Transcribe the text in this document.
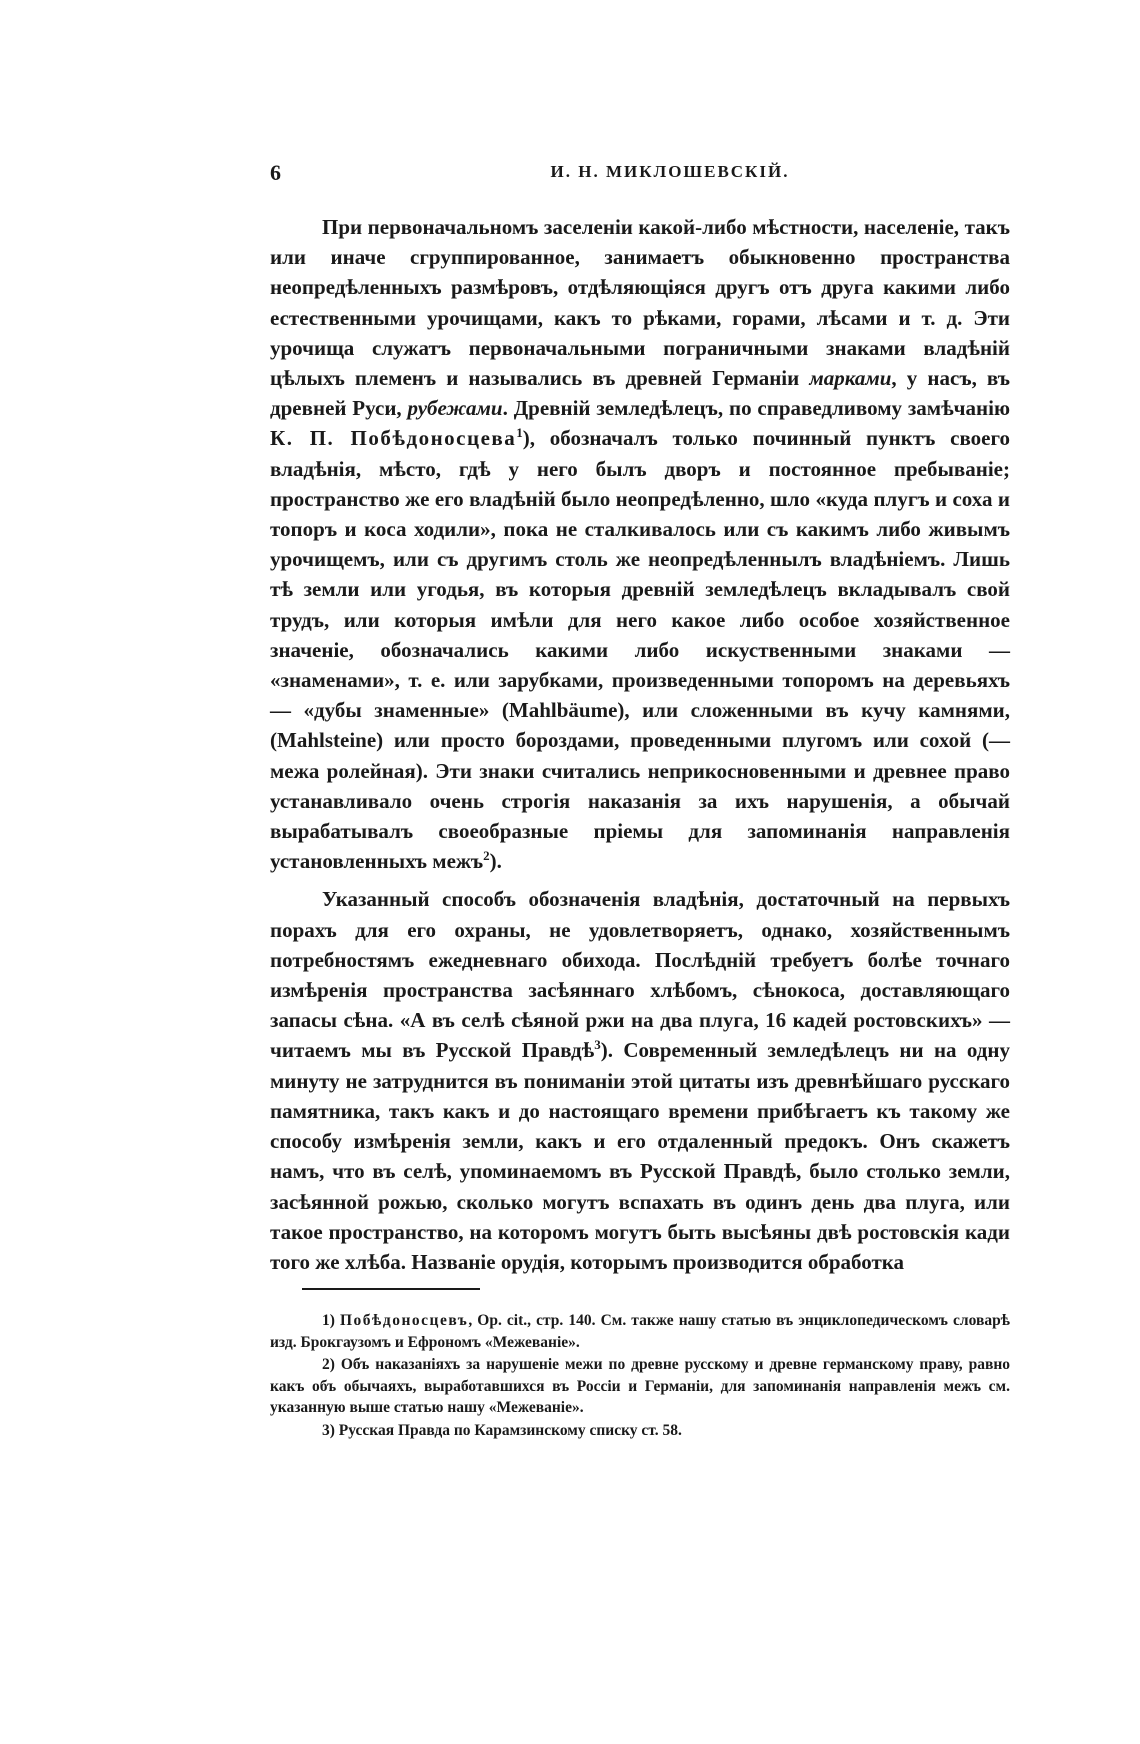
6	И. Н. МИКЛОШЕВСКІЙ.

При первоначальномъ заселеніи какой-либо мѣстности, населеніе, такъ или иначе сгруппированное, занимаетъ обыкновенно пространства неопредѣленныхъ размѣровъ, отдѣляющіяся другъ отъ друга какими либо естественными урочищами, какъ то рѣками, горами, лѣсами и т. д. Эти урочища служатъ первоначальными пограничными знаками владѣній цѣлыхъ племенъ и назывались въ древней Германіи марками, у насъ, въ древней Руси, рубежами. Древній земледѣлецъ, по справедливому замѣчанію К. П. Побѣдоносцева$^1$), обозначалъ только починный пунктъ своего владѣнія, мѣсто, гдѣ у него былъ дворъ и постоянное пребываніе; пространство же его владѣній было неопредѣленно, шло «куда плугъ и соха и топоръ и коса ходили», пока не сталкивалось или съ какимъ либо живымъ урочищемъ, или съ другимъ столь же неопредѣленнылъ владѣніемъ. Лишь тѣ земли или угодья, въ которыя древній земледѣлецъ вкладывалъ свой трудъ, или которыя имѣли для него какое либо особое хозяйственное значеніе, обозначались какими либо искуственными знаками — «знаменами», т. е. или зарубками, произведенными топоромъ на деревьяхъ — «дубы знаменные» (Mahlbäume), или сложенными въ кучу камнями, (Mahlsteine) или просто бороздами, проведенными плугомъ или сохой (—межа ролейная). Эти знаки считались неприкосновенными и древнее право устанавливало очень строгія наказанія за ихъ нарушенія, а обычай вырабатывалъ своеобразные пріемы для запоминанія направленія установленныхъ межъ$^2$).

Указанный способъ обозначенія владѣнія, достаточный на первыхъ порахъ для его охраны, не удовлетворяетъ, однако, хозяйственнымъ потребностямъ ежедневнаго обихода. Послѣдній требуетъ болѣе точнаго измѣренія пространства засѣяннаго хлѣбомъ, сѣнокоса, доставляющаго запасы сѣна. «А въ селѣ сѣяной ржи на два плуга, 16 кадей ростовскихъ» — читаемъ мы въ Русской Правдѣ$^3$). Современный земледѣлецъ ни на одну минуту не затруднится въ пониманіи этой цитаты изъ древнѣйшаго русскаго памятника, такъ какъ и до настоящаго времени прибѣгаетъ къ такому же способу измѣренія земли, какъ и его отдаленный предокъ. Онъ скажетъ намъ, что въ селѣ, упоминаемомъ въ Русской Правдѣ, было столько земли, засѣянной рожью, сколько могутъ вспахать въ одинъ день два плуга, или такое пространство, на которомъ могутъ быть высѣяны двѣ ростовскія кади того же хлѣба. Названіе орудія, которымъ производится обработка

1) Побѣдоносцевъ, Op. cit., стр. 140. См. также нашу статью въ энциклопедическомъ словарѣ изд. Брокгаузомъ и Ефрономъ «Межеваніе».

2) Объ наказаніяхъ за нарушеніе межи по древне русскому и древне германскому праву, равно какъ объ обычаяхъ, выработавшихся въ Россіи и Германіи, для запоминанія направленія межъ см. указанную выше статью нашу «Межеваніе».

3) Русская Правда по Карамзинскому списку ст. 58.
